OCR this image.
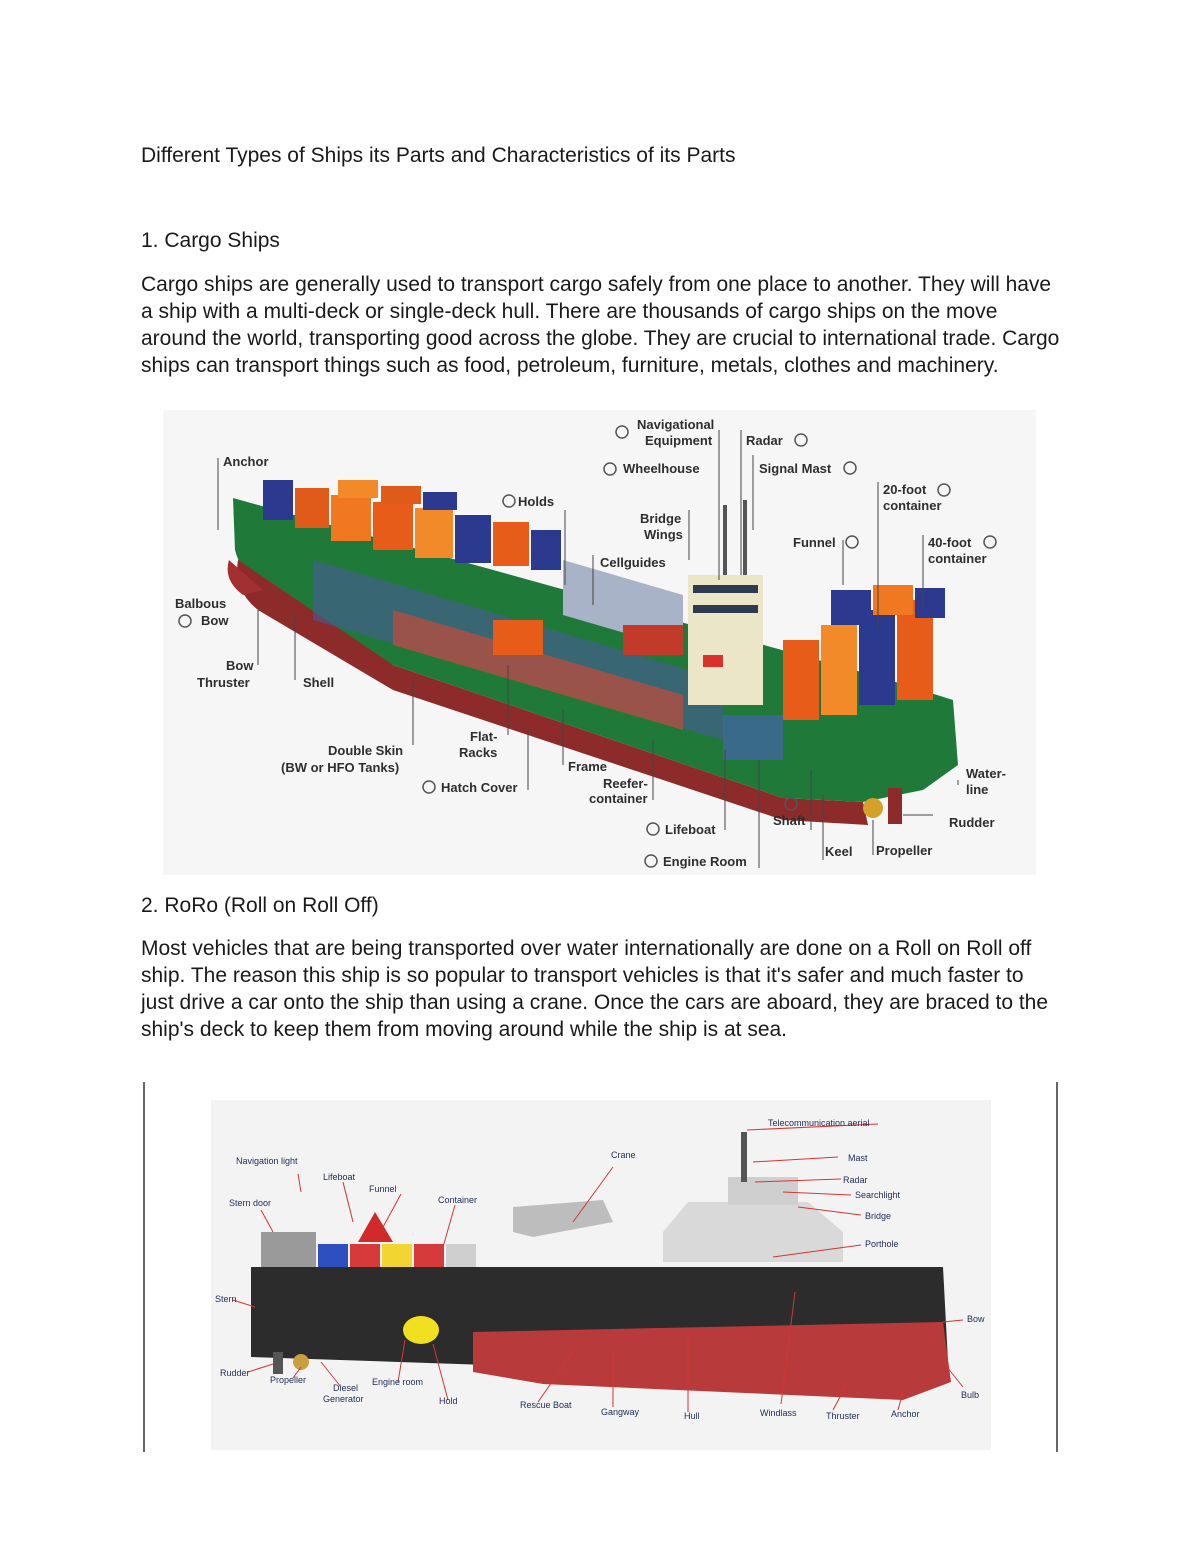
Different Types of Ships its Parts and Characteristics of its Parts
1. Cargo Ships
Cargo ships are generally used to transport cargo safely from one place to another. They will have a ship with a multi-deck or single-deck hull. There are thousands of cargo ships on the move around the world, transporting good across the globe. They are crucial to international trade. Cargo ships can transport things such as food, petroleum, furniture, metals, clothes and machinery.
Anchor
Holds
Navigational
Equipment	Radar
Wheelhouse	Signal Mast
20-foot
container
Bridge
Wings
Cellguides
Funnel	40-foot
container
Balbous
Bow
Bow
Thruster	Shell
Flat-
Racks
Double Skin
(BW or HFO Tanks)	Frame
Hatch Cover	Reefer-
container
Water-
line
Shaft
Lifeboat	Rudder
Keel Propeller
Engine Room
2. RoRo (Roll on Roll Off)
Most vehicles that are being transported over water internationally are done on a Roll on Roll off ship. The reason this ship is so popular to transport vehicles is that it's safer and much faster to just drive a car onto the ship than using a crane. Once the cars are aboard, they are braced to the ship's deck to keep them from moving around while the ship is at sea.
Telecommunication aerial
Crane	Mast
Radar
Searchlight
Bridge
Porthole
Navigation light
Lifeboat
Funnel
Container
Stern door
Stern
Bow
Rudder
Propeller
Diesel
Generator
Engine room
Hold	Rescue Boat
Gangway	Hull	Windlass	Thruster	Anchor
Bulb
